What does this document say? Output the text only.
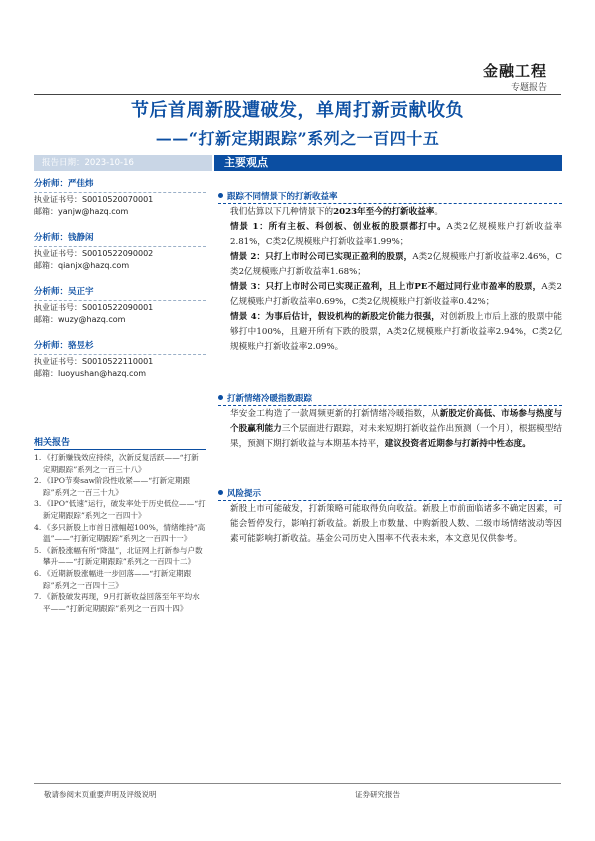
金融工程
专题报告
节后首周新股遭破发，单周打新贡献收负
——“打新定期跟踪”系列之一百四十五
报告日期：2023-10-16	主要观点
分析师：严佳炜
执业证书号：S0010520070001
邮箱：yanjw@hazq.com
分析师：钱静闲
执业证书号：S0010522090002
邮箱：qianjx@hazq.com
分析师：吴正宇
执业证书号：S0010522090001
邮箱：wuzy@hazq.com
分析师：骆昱杉
执业证书号：S0010522110001
邮箱：luoyushan@hazq.com
相关报告
1. 《打新赚钱效应持续，次新反复活跃——“打新定期跟踪”系列之一百三十八》
2. 《IPO节奏saw阶段性收紧——“打新定期跟踪”系列之一百三十九》
3. 《IPO“低速”运行，破发率处于历史低位——“打新定期跟踪”系列之一百四十》
4. 《多只新股上市首日涨幅超100%，情绪维持“高温”——“打新定期跟踪”系列之一百四十一》
5. 《新股涨幅有所“降温”，北证网上打新参与户数攀升——“打新定期跟踪”系列之一百四十二》
6. 《近期新股涨幅进一步回落——“打新定期跟踪”系列之一百四十三》
7. 《新股破发再现，9月打新收益回落至年平均水平——“打新定期跟踪”系列之一百四十四》
跟踪不同情景下的打新收益率
我们估算以下几种情景下的2023年至今的打新收益率。
情景 1：所有主板、科创板、创业板的股票都打中。A类2亿规模账户打新收益率2.81%，C类2亿规模账户打新收益率1.99%；
情景 2：只打上市时公司已实现正盈利的股票，A类2亿规模账户打新收益率2.46%，C类2亿规模账户打新收益率1.68%；
情景 3：只打上市时公司已实现正盈利，且上市PE不超过同行业市盈率的股票，A类2亿规模账户打新收益率0.69%，C类2亿规模账户打新收益率0.42%；
情景 4：为事后估计，假设机构的新股定价能力很强，对创新股上市后上涨的股票中能够打中100%，且避开所有下跌的股票，A类2亿规模账户打新收益率2.94%，C类2亿规模账户打新收益率2.09%。
打新情绪冷暖指数跟踪
华安金工构造了一款周频更新的打新情绪冷暖指数，从新股定价高低、市场参与热度与个股赢利能力三个层面进行跟踪，对未来短期打新收益作出预测（一个月），根据模型结果，预测下期打新收益与本期基本持平，建议投资者近期参与打新持中性态度。
风险提示
新股上市可能破发，打新策略可能取得负向收益。新股上市前面临诸多不确定因素，可能会暂停发行，影响打新收益。新股上市数量、中购新股人数、二级市场情绪波动等因素可能影响打新收益。基金公司历史入围率不代表未来，本文意见仅供参考。
敬请参阅末页重要声明及评级说明	证券研究报告
